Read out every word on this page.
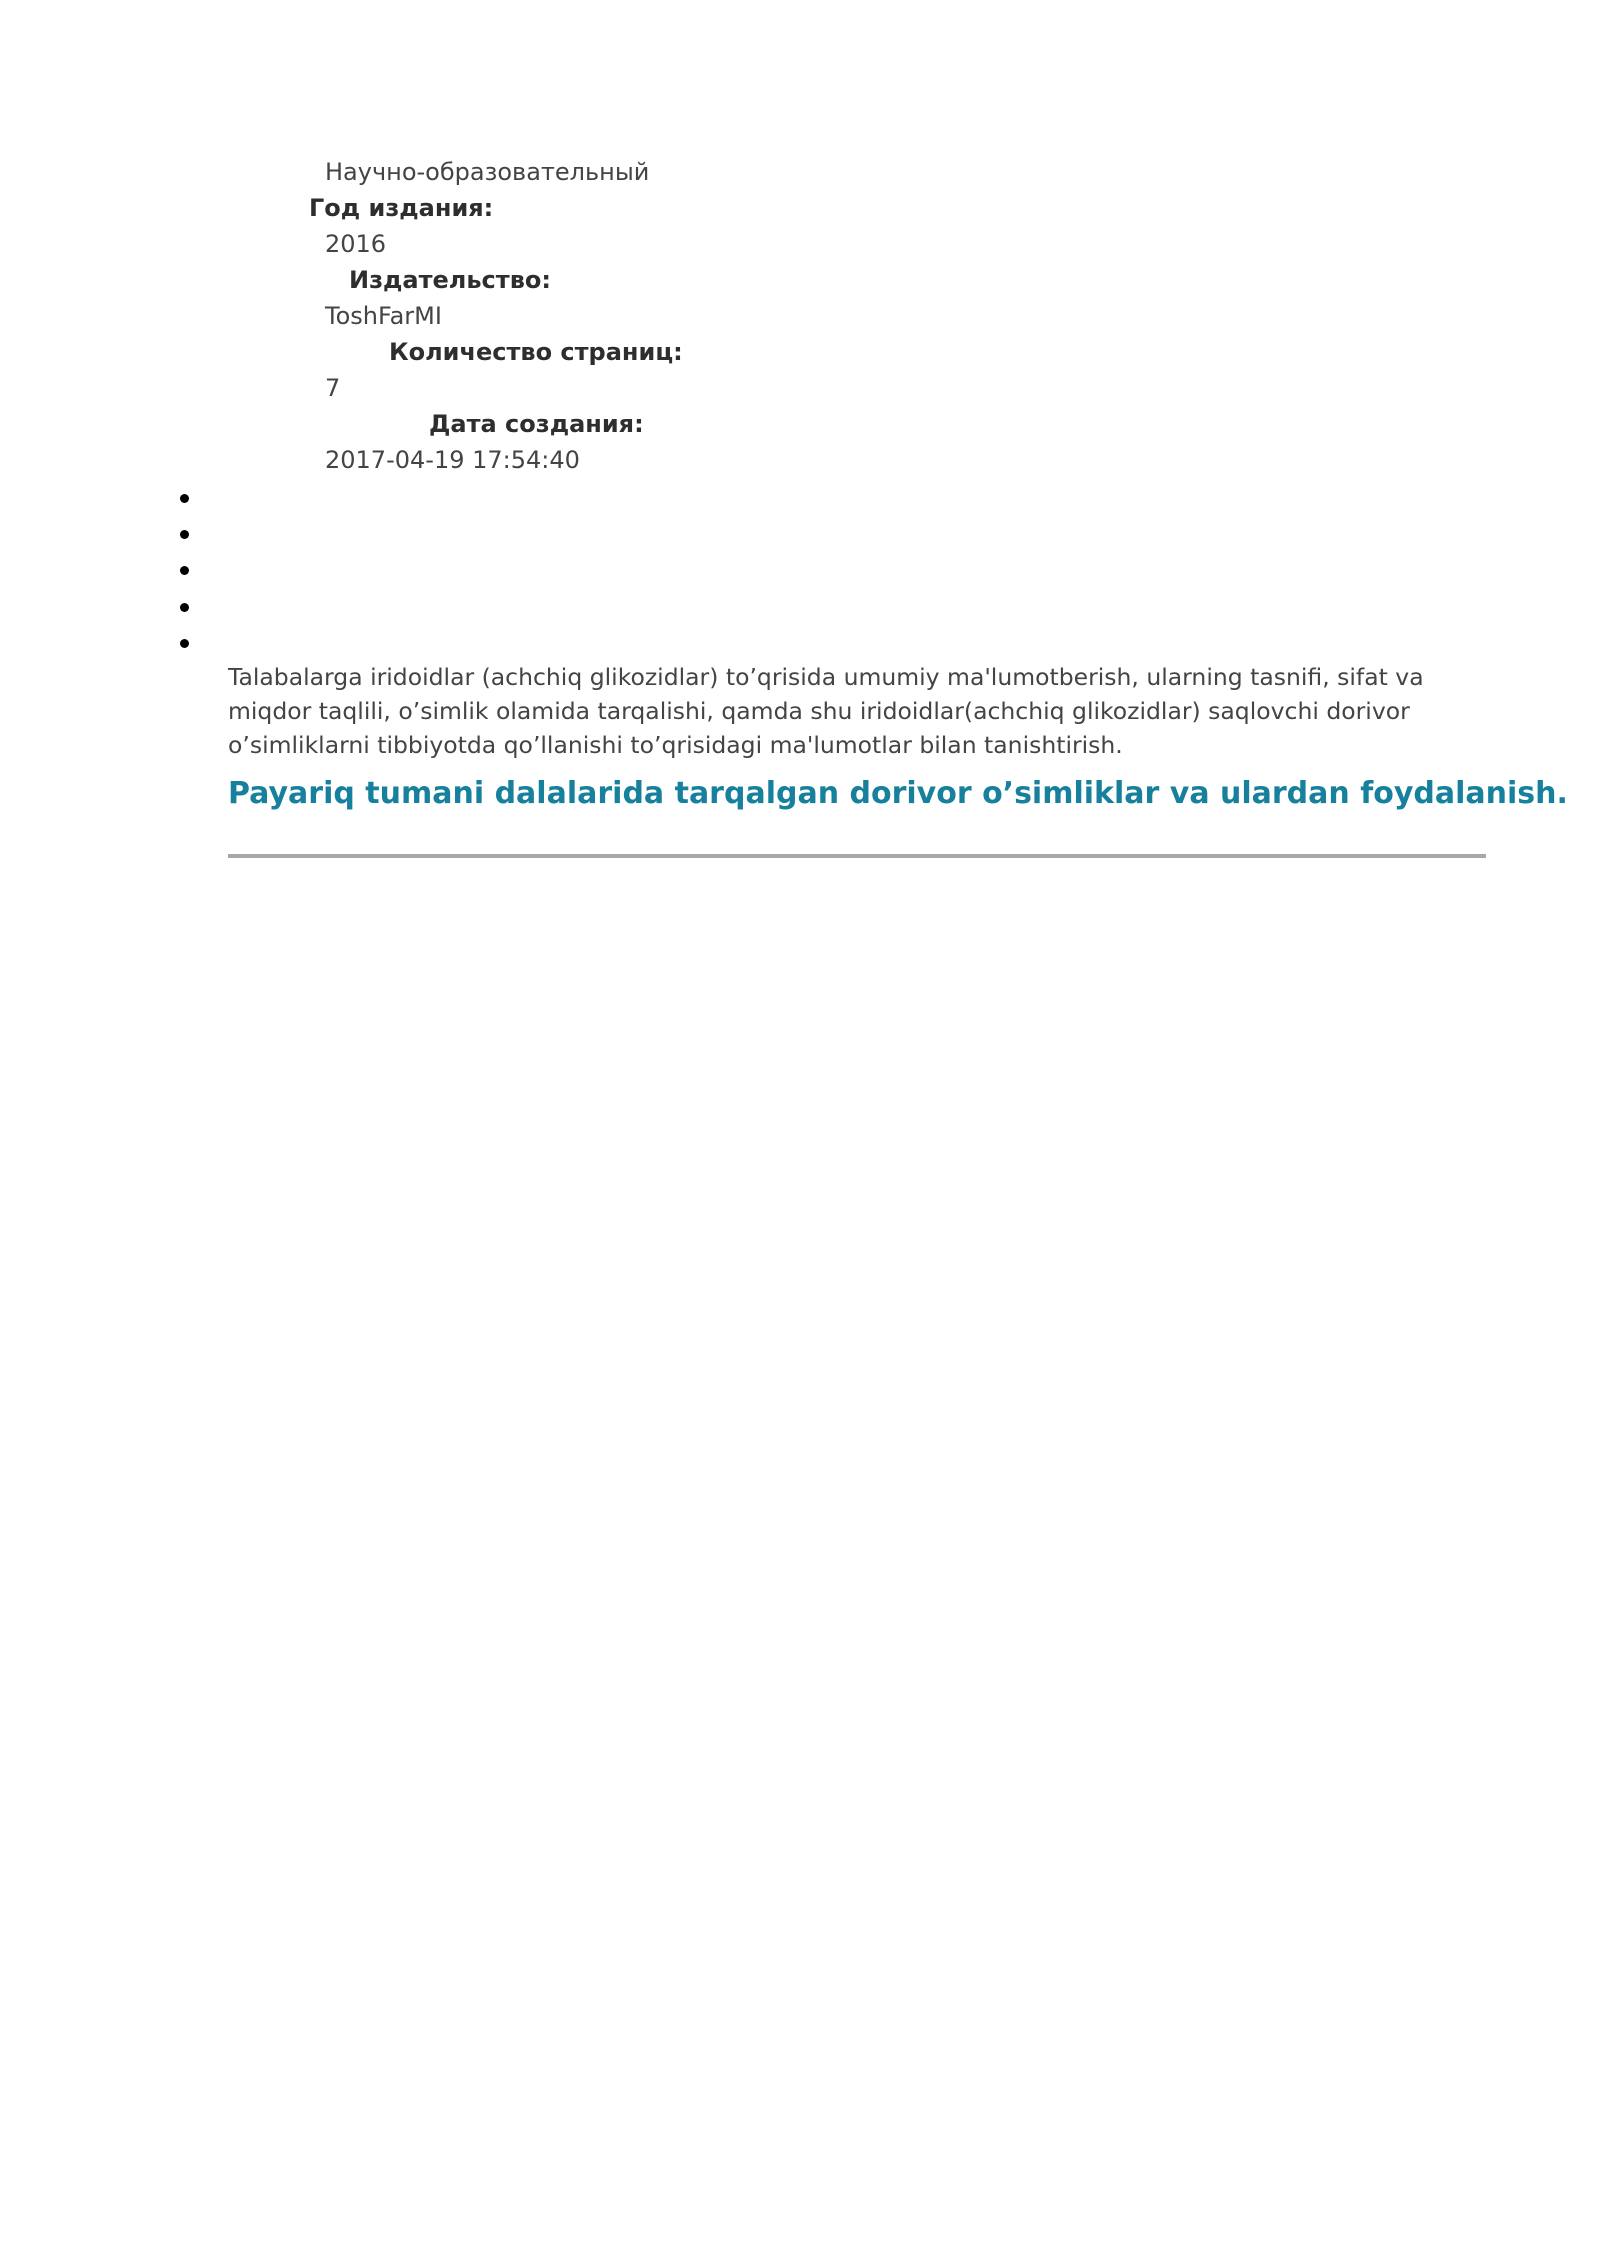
Научно-образовательный
Год издания:
2016
Издательство:
ToshFarMI
Количество страниц:
7
Дата создания:
2017-04-19 17:54:40

Talabalarga iridoidlar (achchiq glikozidlar) to’qrisida umumiy ma'lumotberish, ularning tasnifi, sifat va miqdor taqlili, o’simlik olamida tarqalishi, qamda shu iridoidlar(achchiq glikozidlar) saqlovchi dorivor o’simliklarni tibbiyotda qo’llanishi to’qrisidagi ma'lumotlar bilan tanishtirish.

Payariq tumani dalalarida tarqalgan dorivor o’simliklar va ulardan foydalanish.
